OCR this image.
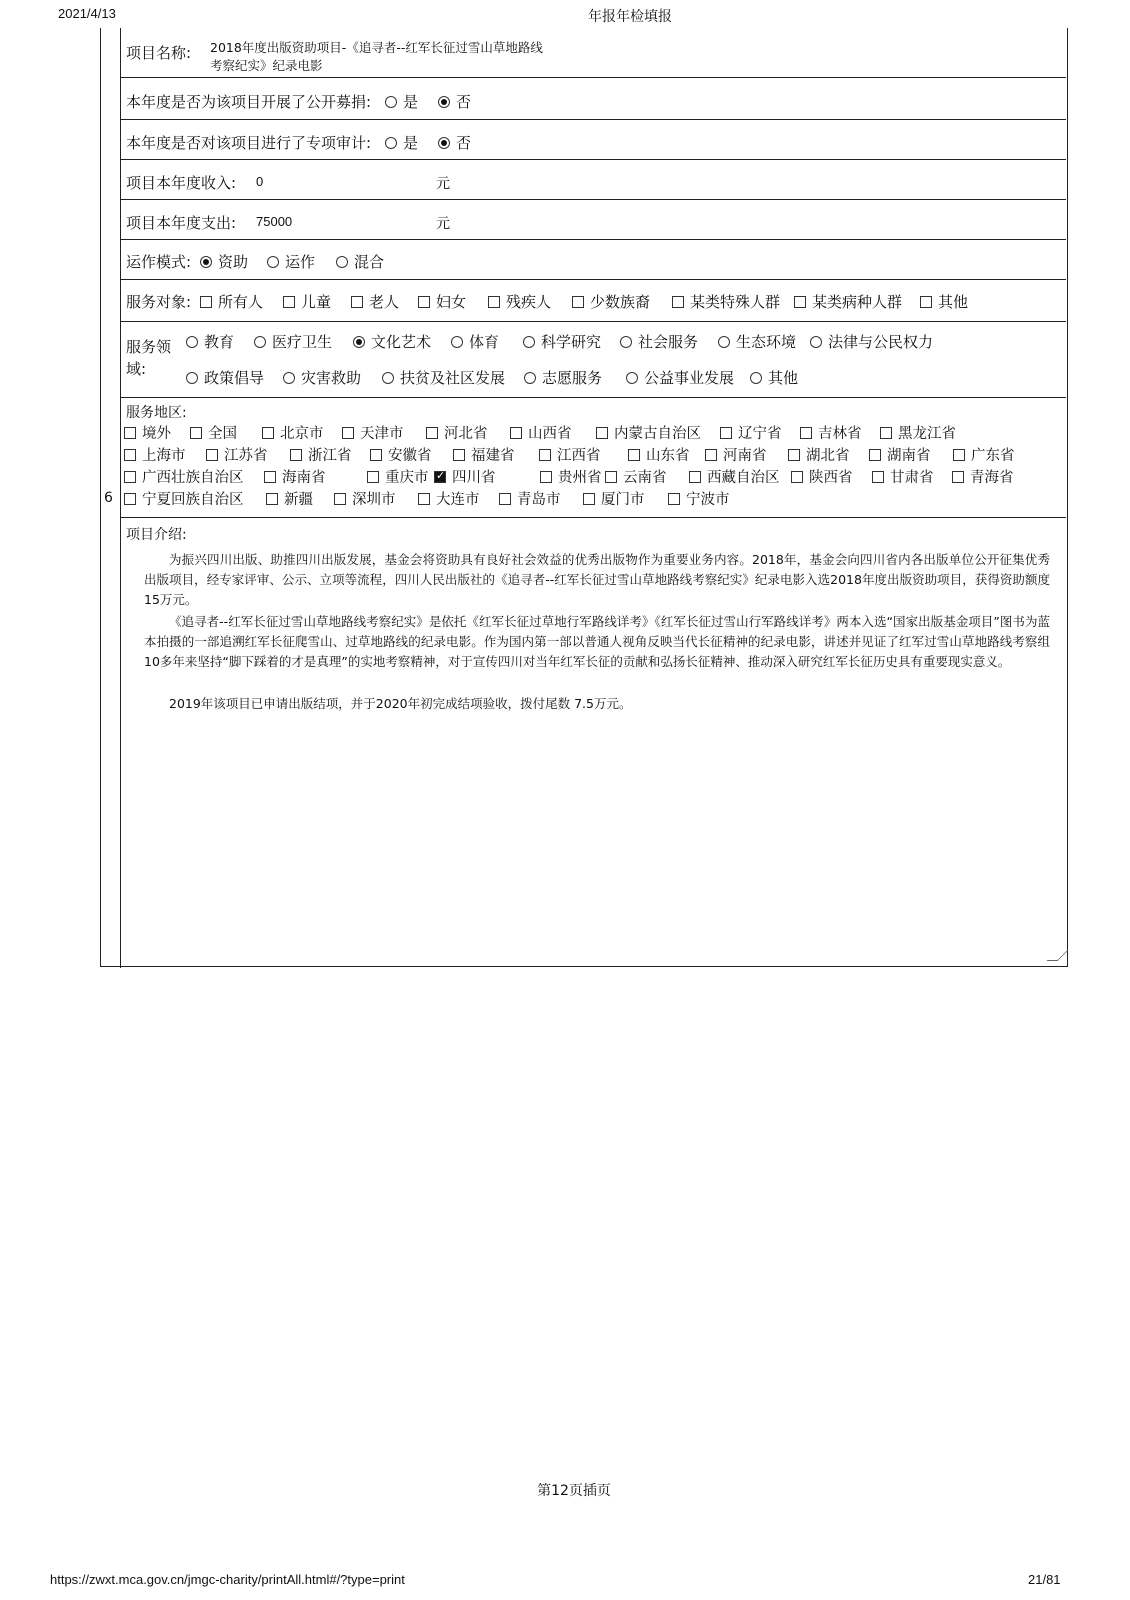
2021/4/13	年报年检填报
6
项目名称: 2018年度出版资助项目-《追寻者--红军长征过雪山草地路线
考察纪实》纪录电影
本年度是否为该项目开展了公开募捐: 是	否
本年度是否对该项目进行了专项审计: 是	否
项目本年度收入: 0	元
项目本年度支出: 75000	元
运作模式: 资助 运作	混合
服务对象: 所有人	儿童	老人 妇女	残疾人	少数族裔	某类特殊人群 某类病种人群 其他
服务领
域:
教育	医疗卫生	文化艺术	体育	科学研究 社会服务	生态环境 法律与公民权力
政策倡导 灾害救助	扶贫及社区发展 志愿服务	公益事业发展 其他
服务地区:
境外	全国	北京市	天津市	河北省	山西省	内蒙古自治区	辽宁省	吉林省	黑龙江省
上海市	江苏省	浙江省	安徽省	福建省	江西省	山东省 河南省	湖北省	湖南省	广东省
广西壮族自治区	海南省	重庆市
✓ 四川省	贵州省 云南省	西藏自治区 陕西省	甘肃省	青海省
宁夏回族自治区	新疆	深圳市	大连市	青岛市	厦门市	宁波市
项目介绍:
为振兴四川出版、助推四川出版发展，基金会将资助具有良好社会效益的优秀出版物作为重要业务内容。2018年，基金会向四川省内各出版单位公开征集优秀出版项目，经专家评审、公示、立项等流程，四川人民出版社的《追寻者--红军长征过雪山草地路线考察纪实》纪录电影入选2018年度出版资助项目，获得资助额度15万元。
《追寻者--红军长征过雪山草地路线考察纪实》是依托《红军长征过草地行军路线详考》《红军长征过雪山行军路线详考》两本入选“国家出版基金项目”图书为蓝本拍摄的一部追溯红军长征爬雪山、过草地路线的纪录电影。作为国内第一部以普通人视角反映当代长征精神的纪录电影，讲述并见证了红军过雪山草地路线考察组10多年来坚持“脚下踩着的才是真理”的实地考察精神，对于宣传四川对当年红军长征的贡献和弘扬长征精神、推动深入研究红军长征历史具有重要现实意义。
2019年该项目已申请出版结项，并于2020年初完成结项验收，拨付尾数 7.5万元。
第12页插页
https://zwxt.mca.gov.cn/jmgc-charity/printAll.html#/?type=print	21/81
